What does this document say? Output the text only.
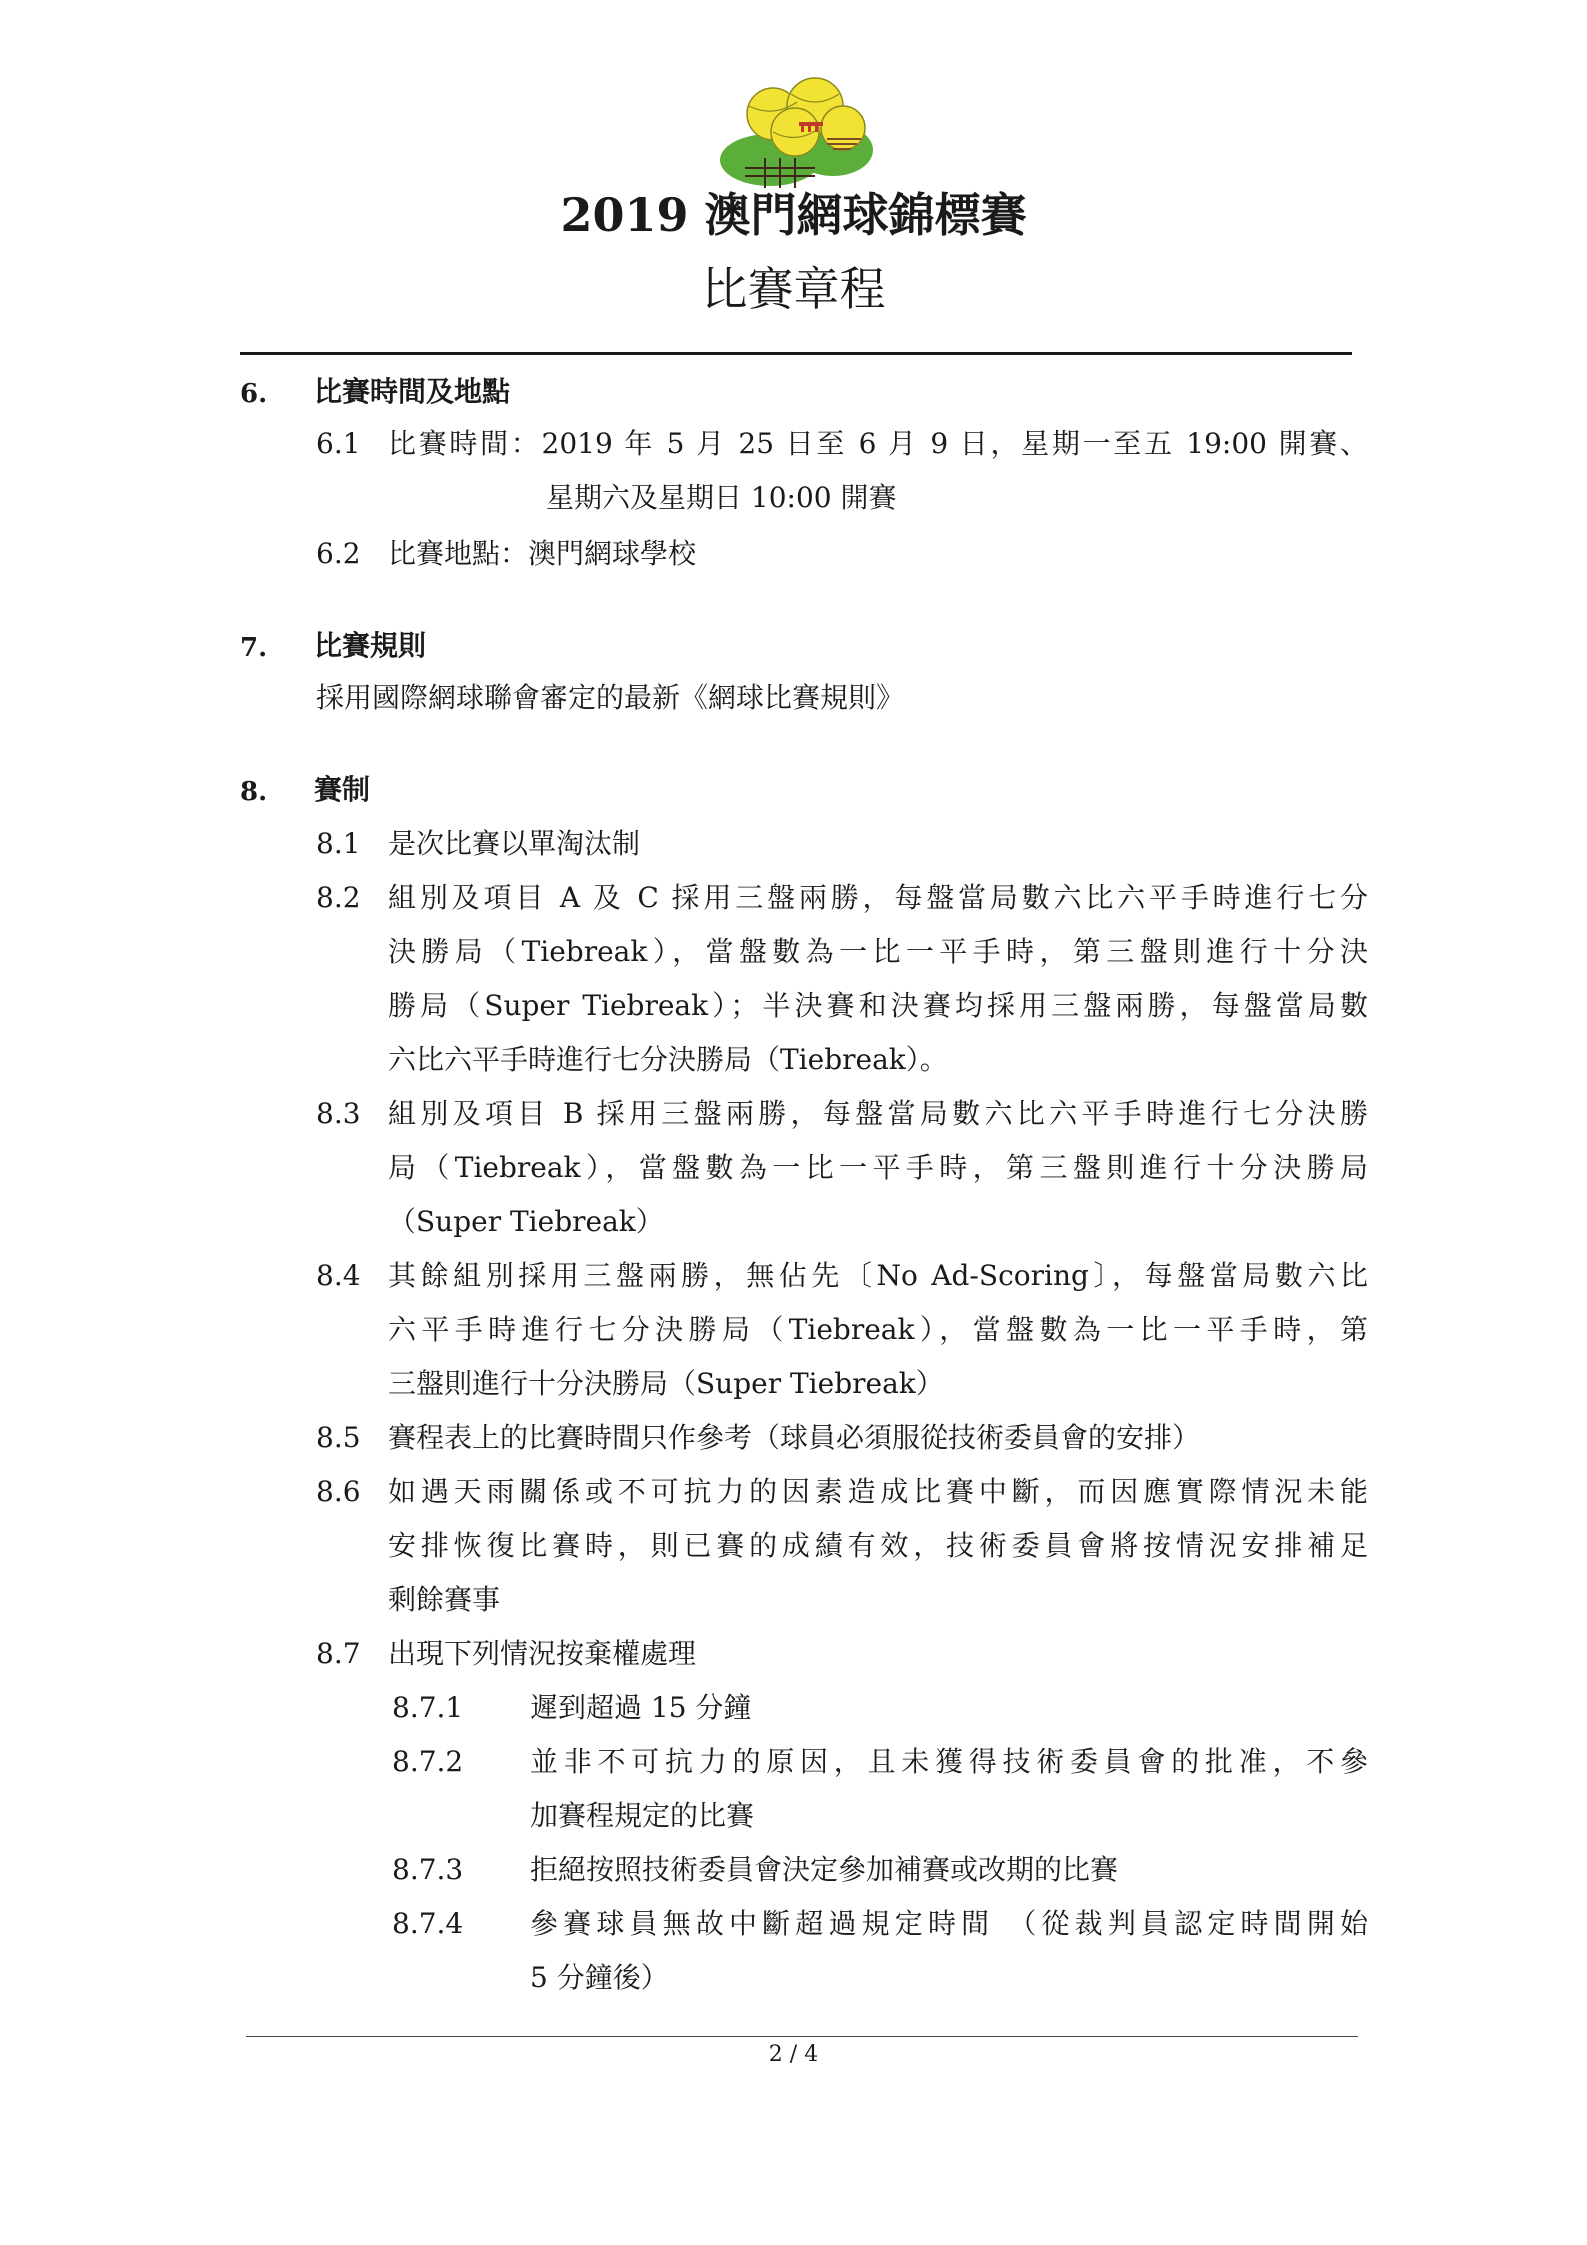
2019 澳門網球錦標賽
比賽章程
6. 比賽時間及地點
6.1 比賽時間：2019 年 5 月 25 日至 6 月 9 日，星期一至五 19:00 開賽、
星期六及星期日 10:00 開賽
6.2 比賽地點：澳門網球學校
7. 比賽規則
採用國際網球聯會審定的最新《網球比賽規則》
8. 賽制
8.1 是次比賽以單淘汰制
8.2 組別及項目 A 及 C 採用三盤兩勝，每盤當局數六比六平手時進行七分
決勝局（Tiebreak），當盤數為一比一平手時，第三盤則進行十分決
勝局（Super Tiebreak）；半決賽和決賽均採用三盤兩勝，每盤當局數
六比六平手時進行七分決勝局（Tiebreak）。
8.3 組別及項目 B 採用三盤兩勝，每盤當局數六比六平手時進行七分決勝
局（Tiebreak），當盤數為一比一平手時，第三盤則進行十分決勝局
（Super Tiebreak）
8.4 其餘組別採用三盤兩勝，無佔先〔No Ad-Scoring〕，每盤當局數六比
六平手時進行七分決勝局（Tiebreak），當盤數為一比一平手時，第
三盤則進行十分決勝局（Super Tiebreak）
8.5 賽程表上的比賽時間只作參考（球員必須服從技術委員會的安排）
8.6 如遇天雨關係或不可抗力的因素造成比賽中斷，而因應實際情況未能
安排恢復比賽時，則已賽的成績有效，技術委員會將按情況安排補足
剩餘賽事
8.7 出現下列情況按棄權處理
8.7.1 遲到超過 15 分鐘
8.7.2 並非不可抗力的原因，且未獲得技術委員會的批准，不參
加賽程規定的比賽
8.7.3 拒絕按照技術委員會決定參加補賽或改期的比賽
8.7.4 參賽球員無故中斷超過規定時間 （從裁判員認定時間開始
5 分鐘後）
2 / 4
